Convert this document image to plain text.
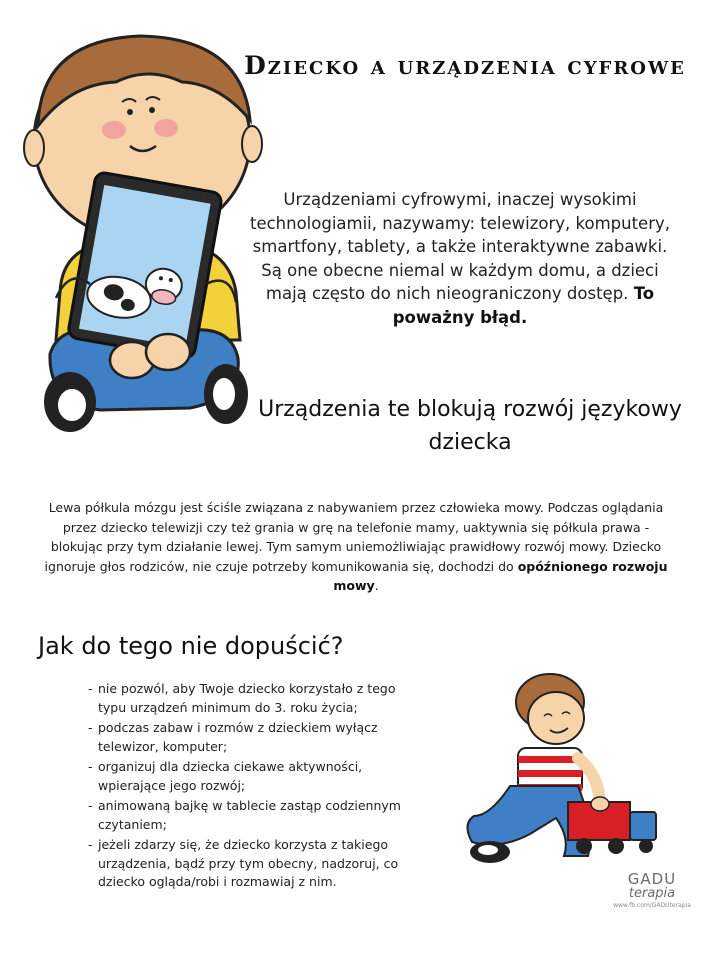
Dziecko a urządzenia cyfrowe
Urządzeniami cyfrowymi, inaczej wysokimi technologiamii, nazywamy: telewizory, komputery, smartfony, tablety, a także interaktywne zabawki. Są one obecne niemal w każdym domu, a dzieci mają często do nich nieograniczony dostęp. To poważny błąd.
Urządzenia te blokują rozwój językowy dziecka
Lewa półkula mózgu jest ściśle związana z nabywaniem przez człowieka mowy. Podczas oglądania przez dziecko telewizji czy też grania w grę na telefonie mamy, uaktywnia się półkula prawa - blokując przy tym działanie lewej. Tym samym uniemożliwiając prawidłowy rozwój mowy. Dziecko ignoruje głos rodziców, nie czuje potrzeby komunikowania się, dochodzi do opóźnionego rozwoju mowy.
Jak do tego nie dopuścić?
- nie pozwól, aby Twoje dziecko korzystało z tego typu urządzeń minimum do 3. roku życia;
- podczas zabaw i rozmów z dzieckiem wyłącz telewizor, komputer;
- organizuj dla dziecka ciekawe aktywności, wpierające jego rozwój;
- animowaną bajkę w tablecie zastąp codziennym czytaniem;
- jeżeli zdarzy się, że dziecko korzysta z takiego urządzenia, bądź przy tym obecny, nadzoruj, co dziecko ogląda/robi i rozmawiaj z nim.	GADU
terapia
www.fb.com/GADUterapia
